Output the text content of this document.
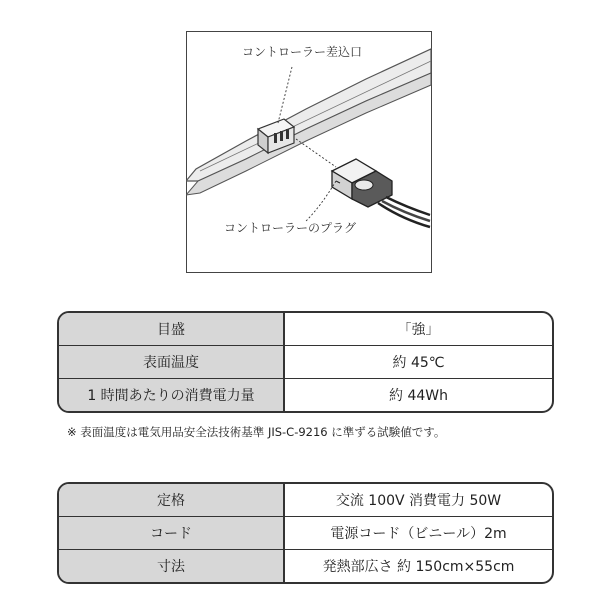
コントローラー差込口
コントローラーのプラグ
目盛	「強」
表面温度	約 45℃
1 時間あたりの消費電力量	約 44Wh
※ 表面温度は電気用品安全法技術基準 JIS-C-9216 に準ずる試験値です。
定格	交流 100V 消費電力 50W
コード	電源コード（ビニール）2m
寸法	発熱部広さ 約 150cm×55cm
